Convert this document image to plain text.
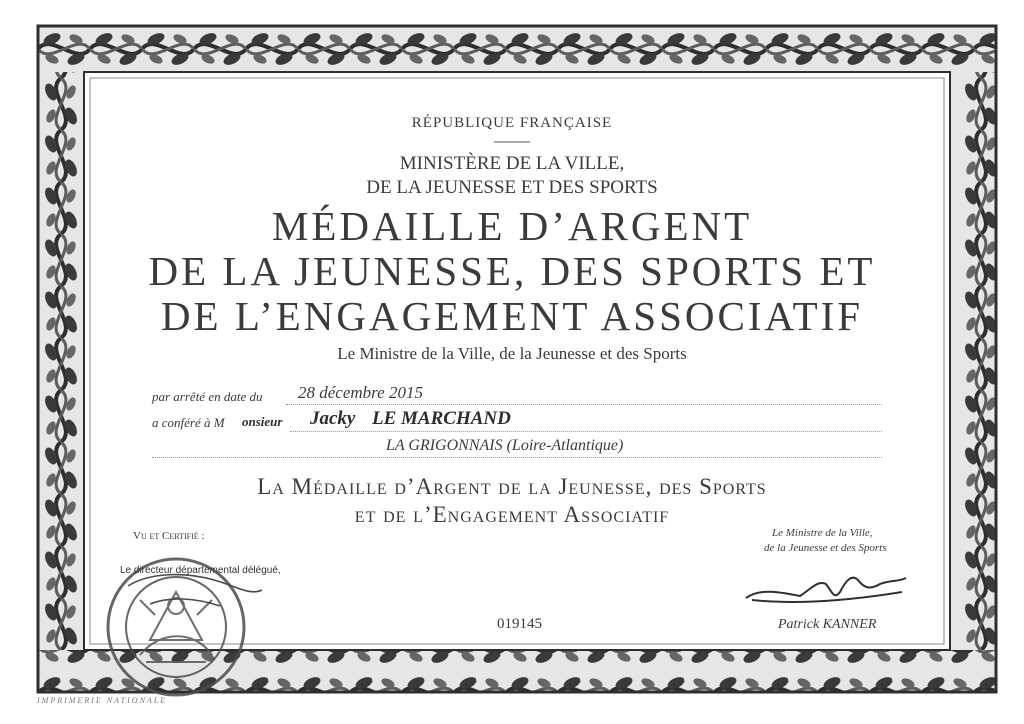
RÉPUBLIQUE FRANÇAISE
MINISTÈRE DE LA VILLE,
DE LA JEUNESSE ET DES SPORTS
MÉDAILLE D’ARGENT
DE LA JEUNESSE, DES SPORTS ET
DE L’ENGAGEMENT ASSOCIATIF
Le Ministre de la Ville, de la Jeunesse et des Sports
par arrêté en date du 28 décembre 2015
a conféré à M onsieur Jacky LE MARCHAND
LA GRIGONNAIS (Loire-Atlantique)
La Médaille d’Argent de la Jeunesse, des Sports
et de l’Engagement Associatif
Vu et Certifié :
Le directeur départemental délégué,
Le Ministre de la Ville,
de la Jeunesse et des Sports
Patrick KANNER
019145
IMPRIMERIE NATIONALE
